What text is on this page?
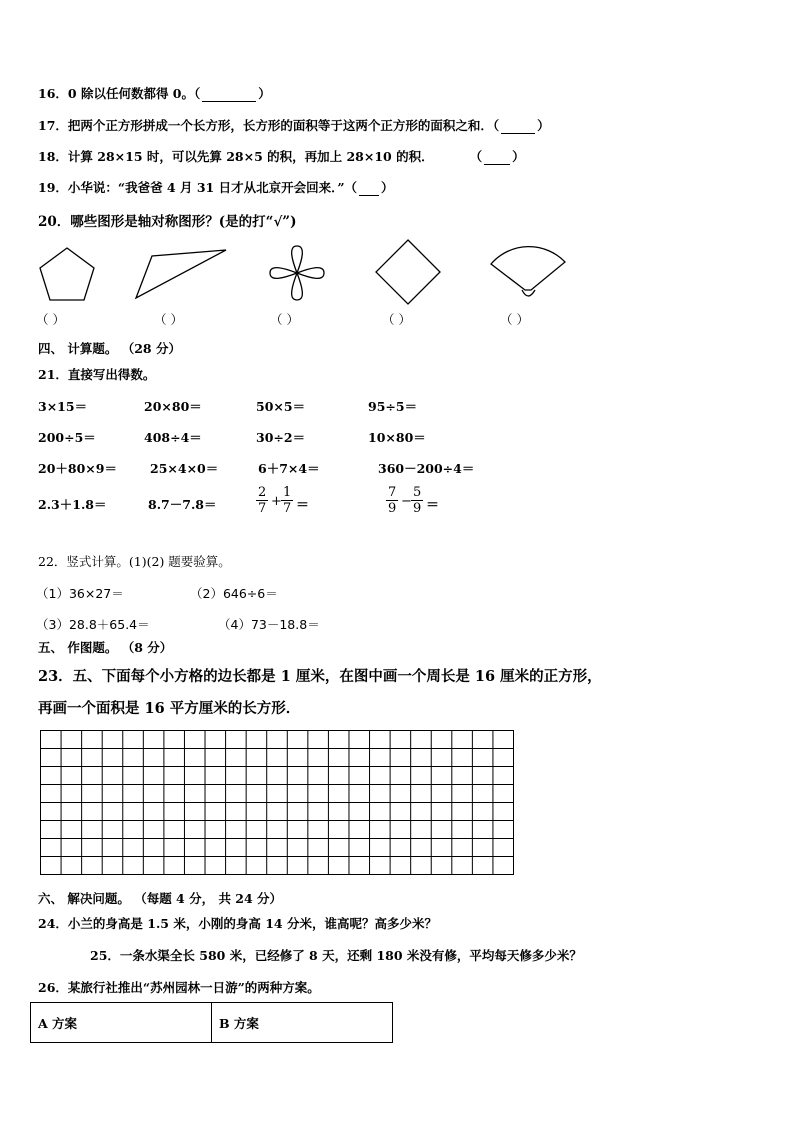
16．0 除以任何数都得 0。（	）
17．把两个正方形拼成一个长方形，长方形的面积等于这两个正方形的面积之和．（	）
18．计算 28×15 时，可以先算 28×5 的积，再加上 28×10 的积．	（ ）
19．小华说：“我爸爸 4 月 31 日才从北京开会回来．”（ ）
20．哪些图形是轴对称图形？(是的打“√”)
（ ）	（ ）	（ ）	（ ）	（ ）
四、 计算题。 （28 分）
21．直接写出得数。
3×15＝	20×80＝	50×5＝	95÷5＝
200÷5＝	408÷4＝	30÷2＝	10×80＝
20＋80×9＝	25×4×0＝	6＋7×4＝	360－200÷4＝
2.3＋1.8＝	8.7－7.8＝	$\frac{2}{7} + \frac{1}{7}$ ＝	$\frac{7}{9} - \frac{5}{9}$ ＝
22．竖式计算。(1)(2) 题要验算。
（1）36×27＝	（2）646÷6＝
（3）28.8＋65.4＝	（4）73－18.8＝
五、 作图题。 （8 分）
23．五、下面每个小方格的边长都是 1 厘米，在图中画一个周长是 16 厘米的正方形，
再画一个面积是 16 平方厘米的长方形．
六、 解决问题。 （每题 4 分， 共 24 分）
24．小兰的身高是 1.5 米，小刚的身高 14 分米，谁高呢？高多少米？
25．一条水渠全长 580 米，已经修了 8 天，还剩 180 米没有修，平均每天修多少米？
26．某旅行社推出“苏州园林一日游”的两种方案。
A 方案	B 方案
